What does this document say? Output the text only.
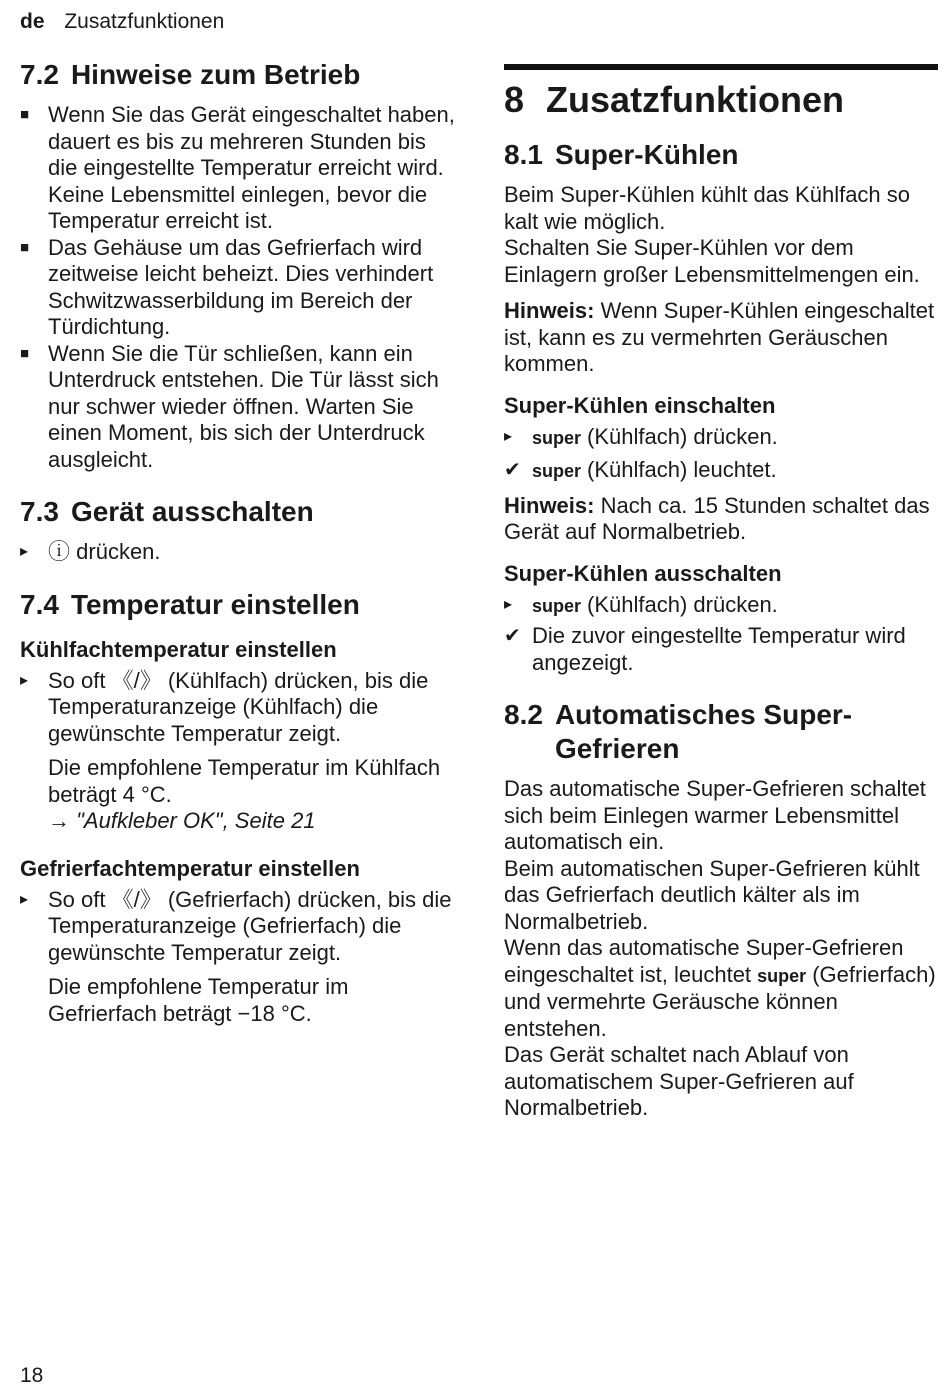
de Zusatzfunktionen
7.2 Hinweise zum Betrieb
■ Wenn Sie das Gerät eingeschaltet haben, dauert es bis zu mehreren Stunden bis die eingestellte Temperatur erreicht wird. Keine Lebensmittel einlegen, bevor die Temperatur erreicht ist.
■ Das Gehäuse um das Gefrierfach wird zeitweise leicht beheizt. Dies verhindert Schwitzwasserbildung im Bereich der Türdichtung.
■ Wenn Sie die Tür schließen, kann ein Unterdruck entstehen. Die Tür lässt sich nur schwer wieder öffnen. Warten Sie einen Moment, bis sich der Unterdruck ausgleicht.
7.3 Gerät ausschalten
▸ ⓘ drücken.
7.4 Temperatur einstellen
Kühlfachtemperatur einstellen
▸ So oft 《/》 (Kühlfach) drücken, bis die Temperaturanzeige (Kühlfach) die gewünschte Temperatur zeigt.
Die empfohlene Temperatur im Kühlfach beträgt 4 °C.
→ "Aufkleber OK", Seite 21
Gefrierfachtemperatur einstellen
▸ So oft 《/》 (Gefrierfach) drücken, bis die Temperaturanzeige (Gefrierfach) die gewünschte Temperatur zeigt.
Die empfohlene Temperatur im Gefrierfach beträgt −18 °C.
8 Zusatzfunktionen
8.1 Super-Kühlen

Beim Super-Kühlen kühlt das Kühlfach so kalt wie möglich.

Schalten Sie Super-Kühlen vor dem Einlagern großer Lebensmittelmengen ein.

Hinweis: Wenn Super-Kühlen eingeschaltet ist, kann es zu vermehrten Geräuschen kommen.

Super-Kühlen einschalten
▸	super (Kühlfach) drücken.
✔ super (Kühlfach) leuchtet.

Hinweis: Nach ca. 15 Stunden schaltet das Gerät auf Normalbetrieb.

Super-Kühlen ausschalten
▸	super (Kühlfach) drücken.
✔ Die zuvor eingestellte Temperatur wird angezeigt.
8.2 Automatisches Super-Gefrieren

Das automatische Super-Gefrieren schaltet sich beim Einlegen warmer Lebensmittel automatisch ein.

Beim automatischen Super-Gefrieren kühlt das Gefrierfach deutlich kälter als im Normalbetrieb.

Wenn das automatische Super-Gefrieren eingeschaltet ist, leuchtet super (Gefrierfach) und vermehrte Geräusche können entstehen.

Das Gerät schaltet nach Ablauf von automatischem Super-Gefrieren auf Normalbetrieb.

18
